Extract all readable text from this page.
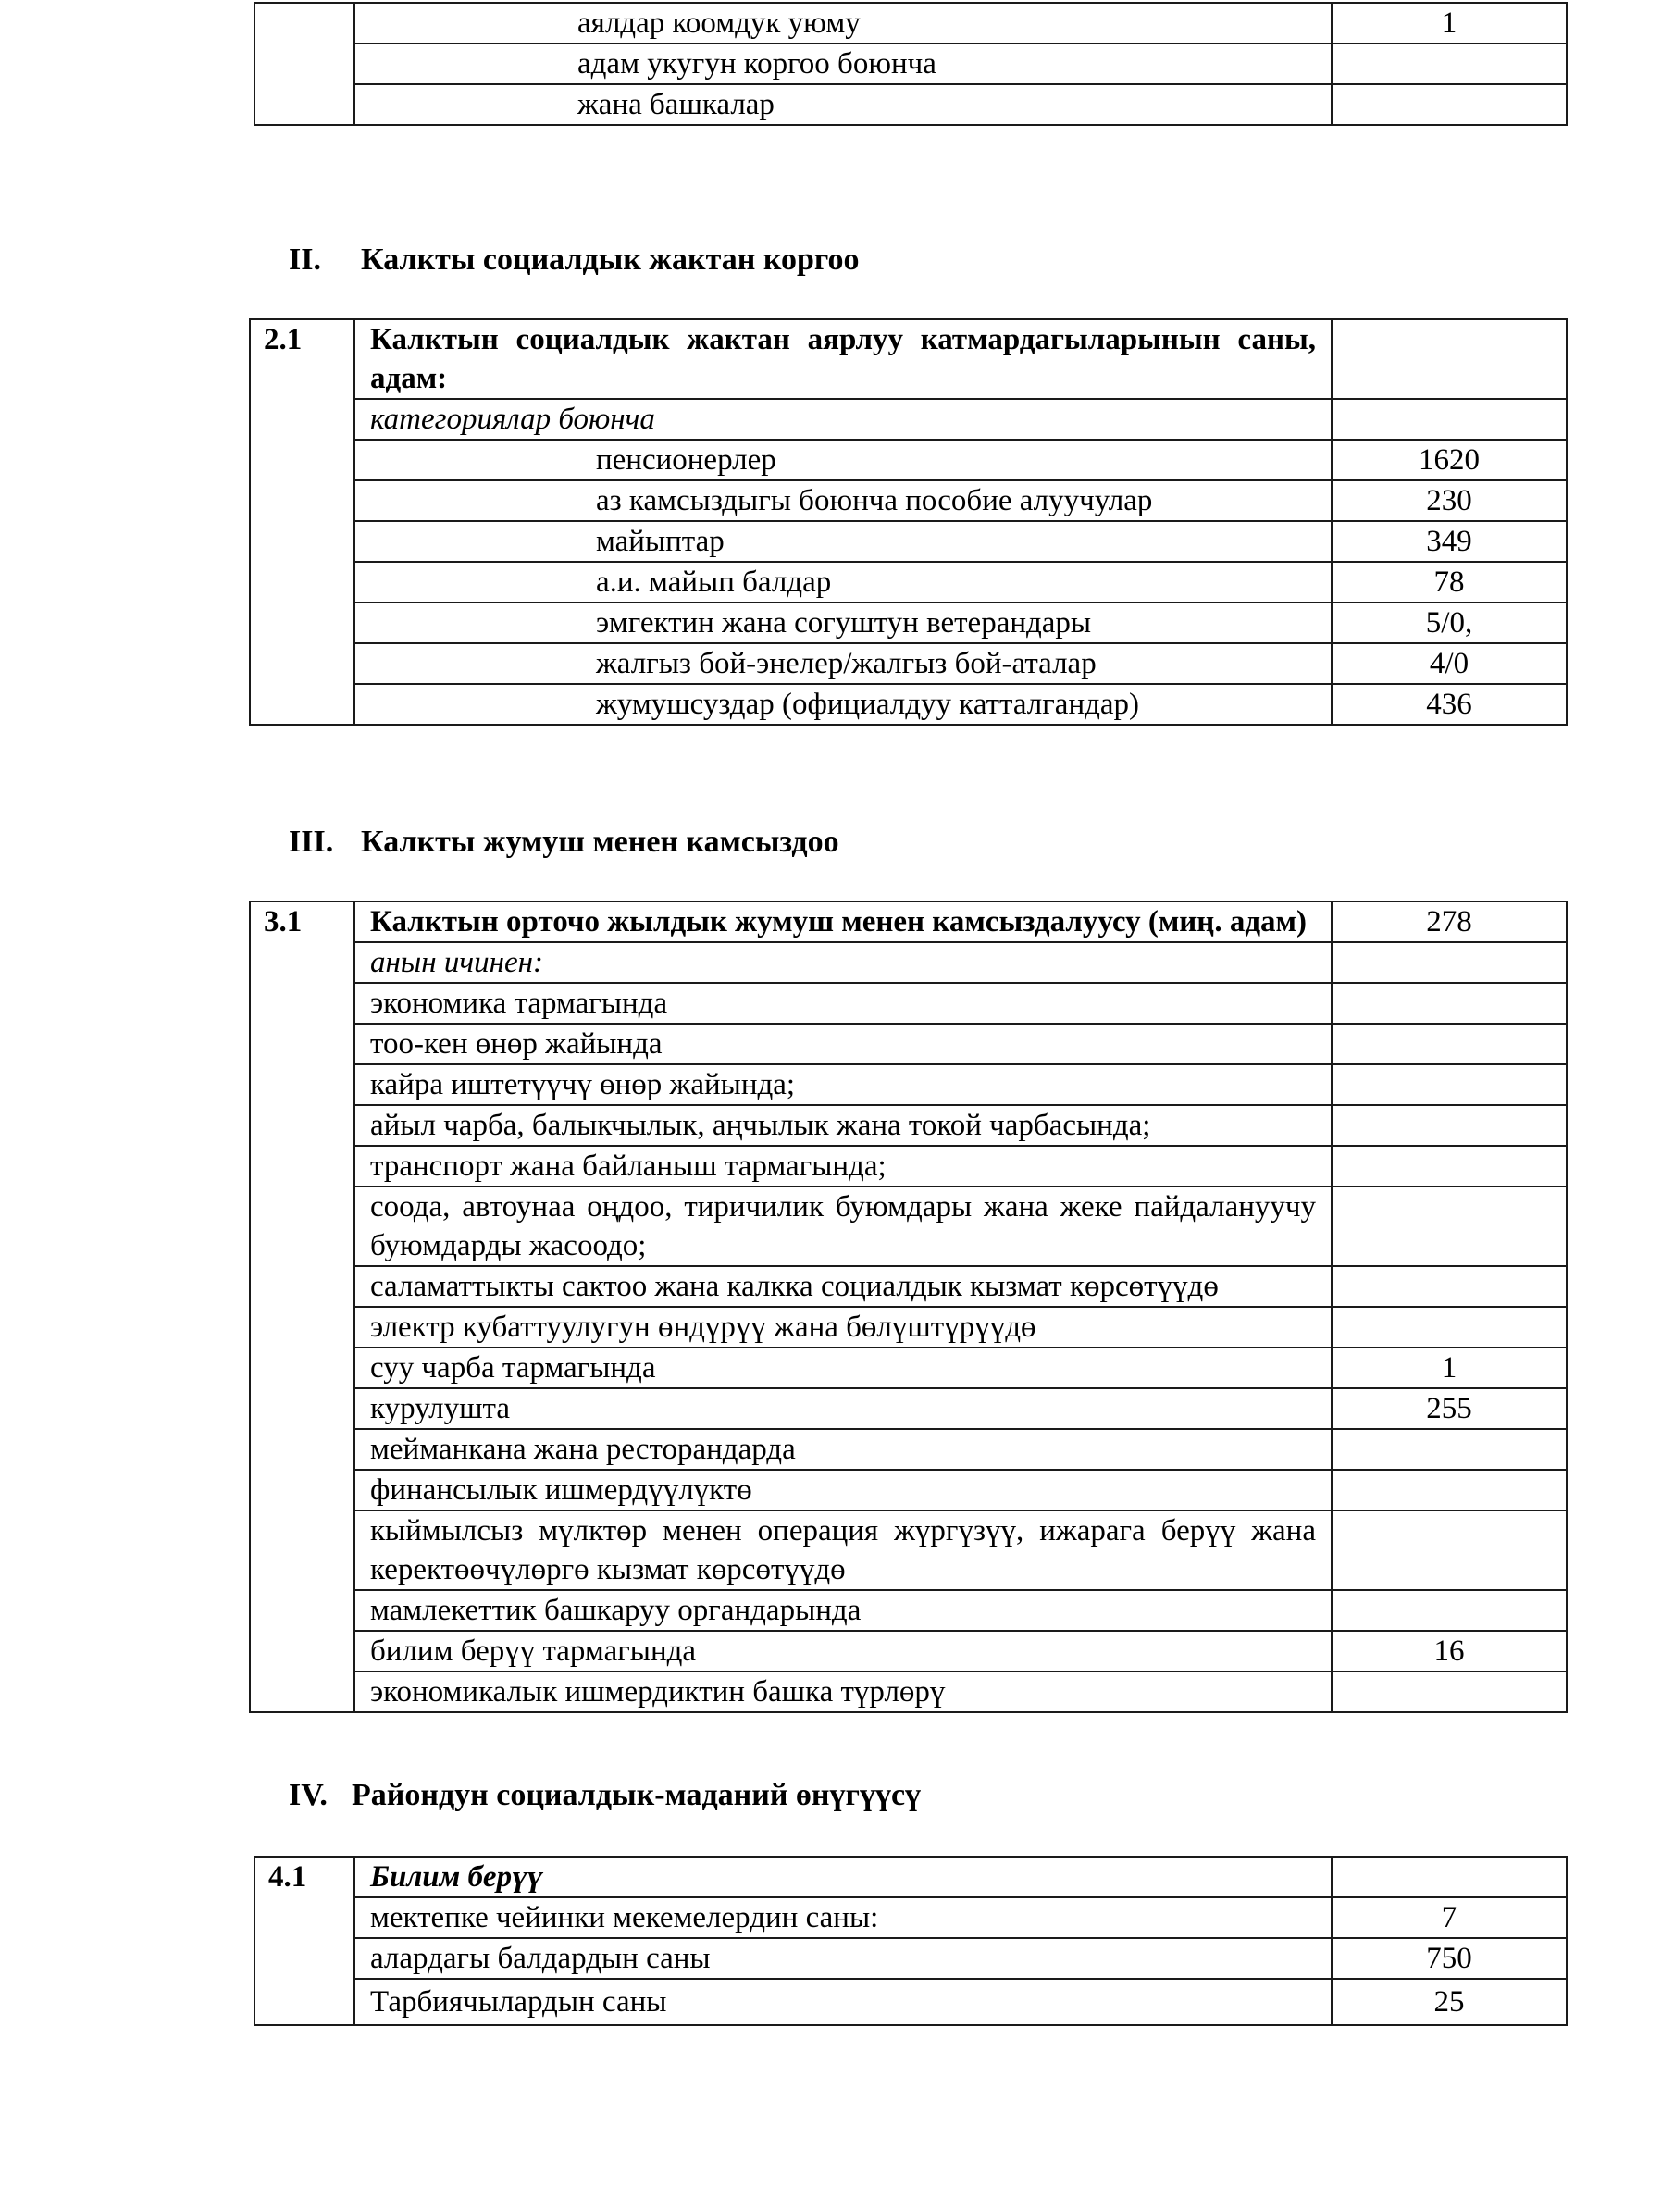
	аялдар коомдук уюму	1
	адам укугун коргоо боюнча	
	жана башкалар	
II. Калкты социалдык жактан коргоо
2.1	Калктын социалдык жактан аярлуу катмардагыларынын саны, адам:	
	категориялар боюнча	
	пенсионерлер	1620
	аз камсыздыгы боюнча пособие алуучулар	230
	майыптар	349
	а.и. майып балдар	78
	эмгектин жана согуштун ветерандары	5/0,
	жалгыз бой-энелер/жалгыз бой-аталар	4/0
	жумушсуздар (официалдуу катталгандар)	436
III. Калкты жумуш менен камсыздоо
3.1	Калктын орточо жылдык жумуш менен камсыздалуусу (миң. адам)	278
	анын ичинен:	
	экономика тармагында	
	тоо-кен өнөр жайында	
	кайра иштетүүчү өнөр жайында;	
	айыл чарба, балыкчылык, аңчылык жана токой чарбасында;	
	транспорт жана байланыш тармагында;	
	соода, автоунаа оңдоо, тиричилик буюмдары жана жеке пайдалануучу буюмдарды жасоодо;	
	саламаттыкты сактоо жана калкка социалдык кызмат көрсөтүүдө	
	электр кубаттуулугун өндүрүү жана бөлүштүрүүдө	
	суу чарба тармагында	1
	курулушта	255
	мейманкана жана ресторандарда	
	финансылык ишмердүүлүктө	
	кыймылсыз мүлктөр менен операция жүргүзүү, ижарага берүү жана керектөөчүлөргө кызмат көрсөтүүдө	
	мамлекеттик башкаруу органдарында	
	билим берүү тармагында	16
	экономикалык ишмердиктин башка түрлөрү	
IV. Райондун социалдык-маданий өнүгүүсү
4.1	Билим берүү	
	мектепке чейинки мекемелердин саны:	7
	алардагы балдардын саны	750
	Тарбиячылардын саны	25
